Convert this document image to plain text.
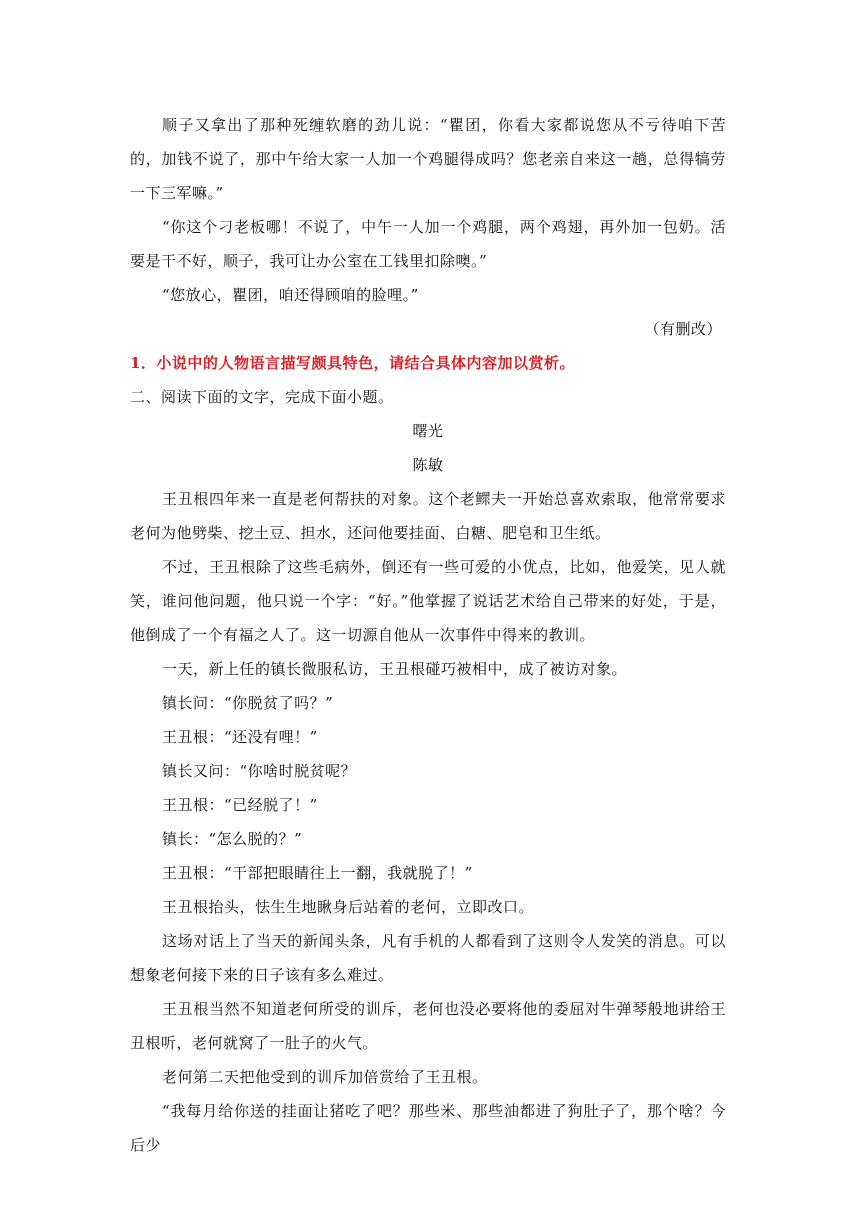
顺子又拿出了那种死缠软磨的劲儿说：“瞿团，你看大家都说您从不亏待咱下苦的，加钱不说了，那中午给大家一人加一个鸡腿得成吗？您老亲自来这一趟，总得犒劳一下三军嘛。”

“你这个刁老板哪！不说了，中午一人加一个鸡腿，两个鸡翅，再外加一包奶。活要是干不好，顺子，我可让办公室在工钱里扣除噢。”

“您放心，瞿团，咱还得顾咱的脸哩。”

（有删改）

1．小说中的人物语言描写颇具特色，请结合具体内容加以赏析。

二、阅读下面的文字，完成下面小题。

曙光

陈敏

王丑根四年来一直是老何帮扶的对象。这个老鳏夫一开始总喜欢索取，他常常要求老何为他劈柴、挖土豆、担水，还问他要挂面、白糖、肥皂和卫生纸。

不过，王丑根除了这些毛病外，倒还有一些可爱的小优点，比如，他爱笑，见人就笑，谁问他问题，他只说一个字：“好。”他掌握了说话艺术给自己带来的好处，于是，他倒成了一个有福之人了。这一切源自他从一次事件中得来的教训。

一天，新上任的镇长微服私访，王丑根碰巧被相中，成了被访对象。

镇长问：“你脱贫了吗？”

王丑根：“还没有哩！”

镇长又问：“你啥时脱贫呢？

王丑根：“已经脱了！”

镇长：“怎么脱的？”

王丑根：“干部把眼睛往上一翻，我就脱了！”

王丑根抬头，怯生生地瞅身后站着的老何，立即改口。

这场对话上了当天的新闻头条，凡有手机的人都看到了这则令人发笑的消息。可以想象老何接下来的日子该有多么难过。

王丑根当然不知道老何所受的训斥，老何也没必要将他的委屈对牛弹琴般地讲给王丑根听，老何就窝了一肚子的火气。

老何第二天把他受到的训斥加倍赏给了王丑根。

“我每月给你送的挂面让猪吃了吧？那些米、那些油都进了狗肚子了，那个啥？今后少
